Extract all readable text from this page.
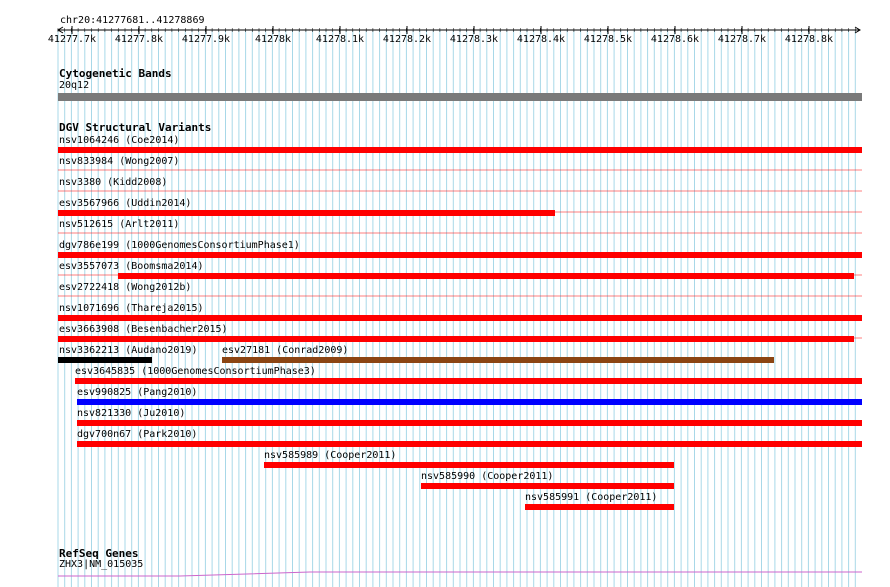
chr20:41277681..41278869
41277.7k 41277.8k 41277.9k 41278k 41278.1k 41278.2k 41278.3k 41278.4k 41278.5k 41278.6k 41278.7k 41278.8k
Cytogenetic Bands
20q12
DGV Structural Variants
nsv1064246 (Coe2014)
nsv833984 (Wong2007)
nsv3380 (Kidd2008)
esv3567966 (Uddin2014)
nsv512615 (Arlt2011)
dgv786e199 (1000GenomesConsortiumPhase1)
esv3557073 (Boomsma2014)
esv2722418 (Wong2012b)
nsv1071696 (Thareja2015)
esv3663908 (Besenbacher2015)
nsv3362213 (Audano2019) esv27181 (Conrad2009)
esv3645835 (1000GenomesConsortiumPhase3)
esv990825 (Pang2010)
nsv821330 (Ju2010)
dgv700n67 (Park2010)
nsv585989 (Cooper2011)
nsv585990 (Cooper2011)
nsv585991 (Cooper2011)
RefSeq Genes
ZHX3|NM_015035
